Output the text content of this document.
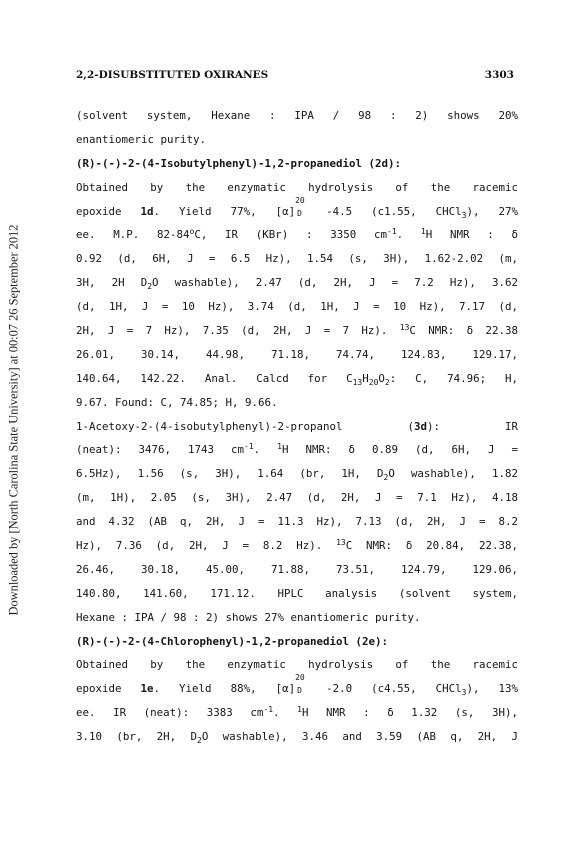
2,2-DISUBSTITUTED OXIRANES	3303
Downloaded by [North Carolina State University] at 00:07 26 September 2012
(solvent system, Hexane : IPA / 98 : 2) shows 20%
enantiomeric purity.
(R)-(-)-2-(4-Isobutylphenyl)-1,2-propanediol (2d):
Obtained by the enzymatic hydrolysis of the racemic
epoxide 1d. Yield 77%, [α]
20
D -4.5 (c1.55, CHCl$_3$), 27%
ee. M.P. 82-84$^o$C, IR (KBr) : 3350 $cm^{-1}$. $^1$H NMR : δ
0.92 (d, 6H, J = 6.5 Hz), 1.54 (s, 3H), 1.62-2.02 (m,
3H, 2H $D_2O$ washable), 2.47 (d, 2H, J = 7.2 Hz), 3.62
(d, 1H, J = 10 Hz), 3.74 (d, 1H, J = 10 Hz), 7.17 (d,
2H, J = 7 Hz), 7.35 (d, 2H, J = 7 Hz). $^{13}$C NMR: δ 22.38
26.01, 30.14, 44.98, 71.18, 74.74, 124.83, 129.17,
140.64, 142.22. Anal. Calcd for $C_{13}H_{20}O_2$: C, 74.96; H,
9.67. Found: C, 74.85; H, 9.66.
1-Acetoxy-2-(4-isobutylphenyl)-2-propanol (3d): IR
(neat): 3476, 1743 $cm^{-1}$. $^1$H NMR: δ 0.89 (d, 6H, J =
6.5Hz), 1.56 (s, 3H), 1.64 (br, 1H, $D_2O$ washable), 1.82
(m, 1H), 2.05 (s, 3H), 2.47 (d, 2H, J = 7.1 Hz), 4.18
and 4.32 (AB q, 2H, J = 11.3 Hz), 7.13 (d, 2H, J = 8.2
Hz), 7.36 (d, 2H, J = 8.2 Hz). $^{13}$C NMR: δ 20.84, 22.38,
26.46, 30.18, 45.00, 71.88, 73.51, 124.79, 129.06,
140.80, 141.60, 171.12. HPLC analysis (solvent system,
Hexane : IPA / 98 : 2) shows 27% enantiomeric purity.
(R)-(-)-2-(4-Chlorophenyl)-1,2-propanediol (2e):
Obtained by the enzymatic hydrolysis of the racemic
epoxide 1e. Yield 88%, [α]
20
D -2.0 (c4.55, CHCl$_3$), 13%
ee. IR (neat): 3383 $cm^{-1}$. $^1$H NMR : δ 1.32 (s, 3H),
3.10 (br, 2H, $D_2O$ washable), 3.46 and 3.59 (AB q, 2H, J
